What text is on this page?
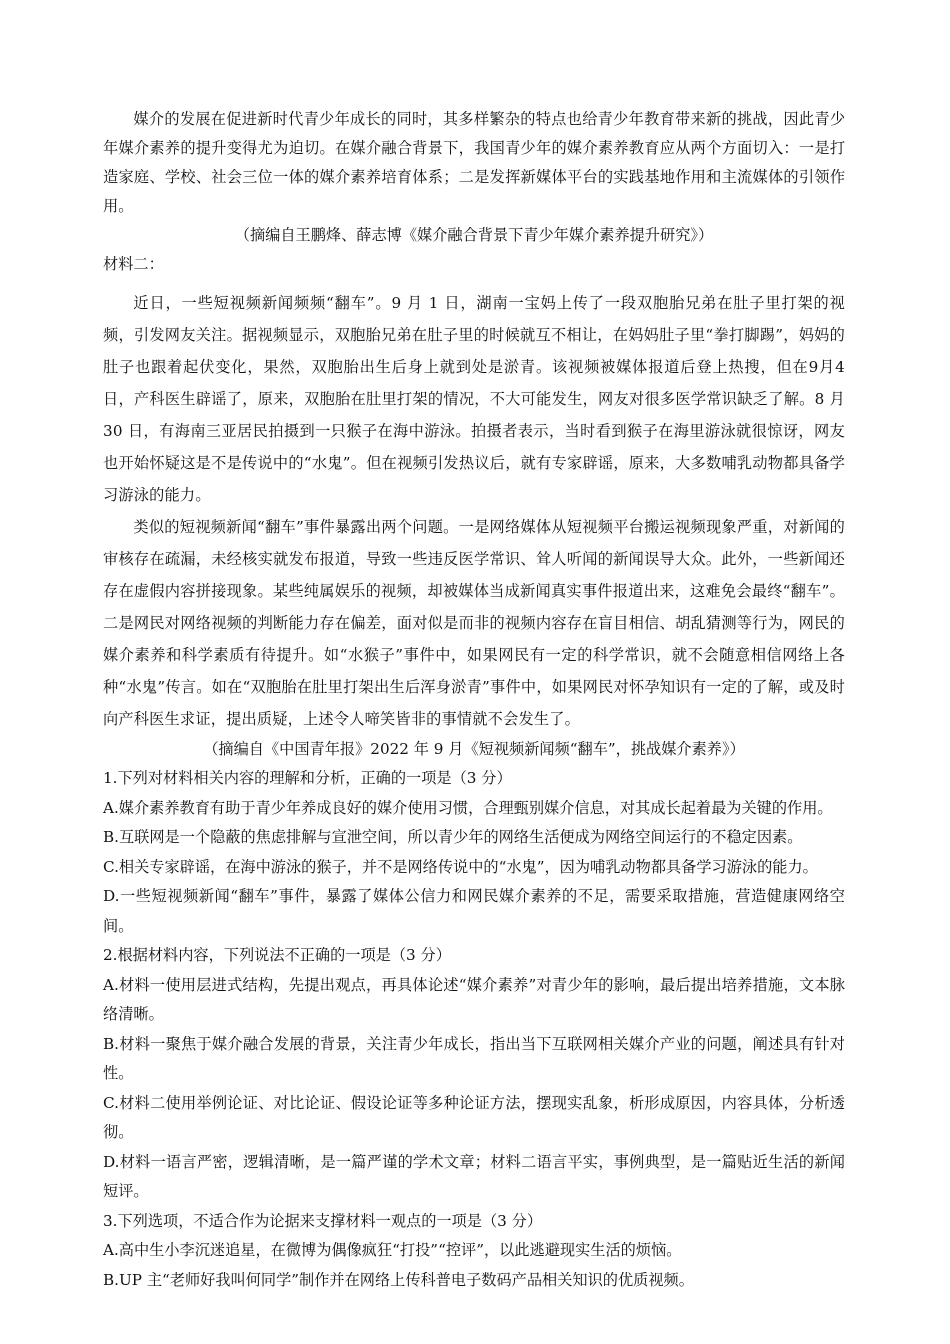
媒介的发展在促进新时代青少年成长的同时，其多样繁杂的特点也给青少年教育带来新的挑战，因此青少年媒介素养的提升变得尤为迫切。在媒介融合背景下，我国青少年的媒介素养教育应从两个方面切入：一是打造家庭、学校、社会三位一体的媒介素养培育体系；二是发挥新媒体平台的实践基地作用和主流媒体的引领作用。

（摘编自王鹏烽、薛志博《媒介融合背景下青少年媒介素养提升研究》）

材料二：

近日，一些短视频新闻频频“翻车”。9 月 1 日，湖南一宝妈上传了一段双胞胎兄弟在肚子里打架的视频，引发网友关注。据视频显示，双胞胎兄弟在肚子里的时候就互不相让，在妈妈肚子里“拳打脚踢”，妈妈的肚子也跟着起伏变化，果然，双胞胎出生后身上就到处是淤青。该视频被媒体报道后登上热搜，但在9月4日，产科医生辟谣了，原来，双胞胎在肚里打架的情况，不大可能发生，网友对很多医学常识缺乏了解。8 月 30 日，有海南三亚居民拍摄到一只猴子在海中游泳。拍摄者表示，当时看到猴子在海里游泳就很惊讶，网友也开始怀疑这是不是传说中的“水鬼”。但在视频引发热议后，就有专家辟谣，原来，大多数哺乳动物都具备学习游泳的能力。

类似的短视频新闻“翻车”事件暴露出两个问题。一是网络媒体从短视频平台搬运视频现象严重，对新闻的审核存在疏漏，未经核实就发布报道，导致一些违反医学常识、耸人听闻的新闻误导大众。此外，一些新闻还存在虚假内容拼接现象。某些纯属娱乐的视频，却被媒体当成新闻真实事件报道出来，这难免会最终“翻车”。二是网民对网络视频的判断能力存在偏差，面对似是而非的视频内容存在盲目相信、胡乱猜测等行为，网民的媒介素养和科学素质有待提升。如“水猴子”事件中，如果网民有一定的科学常识，就不会随意相信网络上各种“水鬼”传言。如在“双胞胎在肚里打架出生后浑身淤青”事件中，如果网民对怀孕知识有一定的了解，或及时向产科医生求证，提出质疑，上述令人啼笑皆非的事情就不会发生了。

（摘编自《中国青年报》2022 年 9 月《短视频新闻频“翻车”，挑战媒介素养》）

1.下列对材料相关内容的理解和分析，正确的一项是（3 分）

A.媒介素养教育有助于青少年养成良好的媒介使用习惯，合理甄别媒介信息，对其成长起着最为关键的作用。

B.互联网是一个隐蔽的焦虑排解与宣泄空间，所以青少年的网络生活便成为网络空间运行的不稳定因素。

C.相关专家辟谣，在海中游泳的猴子，并不是网络传说中的“水鬼”，因为哺乳动物都具备学习游泳的能力。

D.一些短视频新闻“翻车”事件，暴露了媒体公信力和网民媒介素养的不足，需要采取措施，营造健康网络空间。

2.根据材料内容，下列说法不正确的一项是（3 分）

A.材料一使用层进式结构，先提出观点，再具体论述“媒介素养”对青少年的影响，最后提出培养措施，文本脉络清晰。

B.材料一聚焦于媒介融合发展的背景，关注青少年成长，指出当下互联网相关媒介产业的问题，阐述具有针对性。

C.材料二使用举例论证、对比论证、假设论证等多种论证方法，摆现实乱象，析形成原因，内容具体，分析透彻。

D.材料一语言严密，逻辑清晰，是一篇严谨的学术文章；材料二语言平实，事例典型，是一篇贴近生活的新闻短评。

3.下列选项，不适合作为论据来支撑材料一观点的一项是（3 分）

A.高中生小李沉迷追星，在微博为偶像疯狂“打投”“控评”，以此逃避现实生活的烦恼。

B.UP 主“老师好我叫何同学”制作并在网络上传科普电子数码产品相关知识的优质视频。
